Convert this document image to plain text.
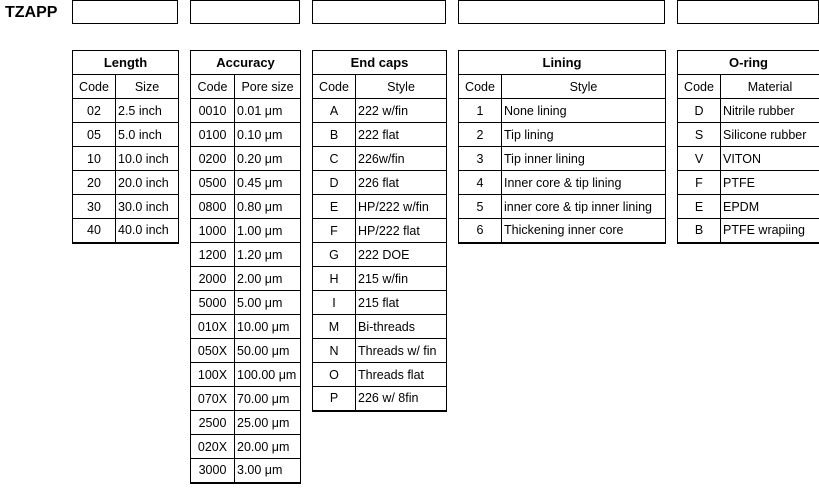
TZAPP
Length	
Code	Size
02	2.5 inch
05	5.0 inch
10	10.0 inch
20	20.0 inch
30	30.0 inch
40	40.0 inch
Accuracy	
Code	Pore size
0010	0.01 μm
0100	0.10 μm
0200	0.20 μm
0500	0.45 μm
0800	0.80 μm
1000	1.00 μm
1200	1.20 μm
2000	2.00 μm
5000	5.00 μm
010X	10.00 μm
050X	50.00 μm
100X	100.00 μm
070X	70.00 μm
2500	25.00 μm
020X	20.00 μm
3000	3.00 μm
End caps	
Code	Style
A	222 w/fin
B	222 flat
C	226w/fin
D	226 flat
E	HP/222 w/fin
F	HP/222 flat
G	222 DOE
H	215 w/fin
I	215 flat
M	Bi-threads
N	Threads w/ fin
O	Threads flat
P	226 w/ 8fin
Lining	
Code	Style
1	None lining
2	Tip lining
3	Tip inner lining
4	Inner core & tip lining
5	inner core & tip inner lining
6	Thickening inner core
O-ring	
Code	Material
D	Nitrile rubber
S	Silicone rubber
V	VITON
F	PTFE
E	EPDM
B	PTFE wrapiing
